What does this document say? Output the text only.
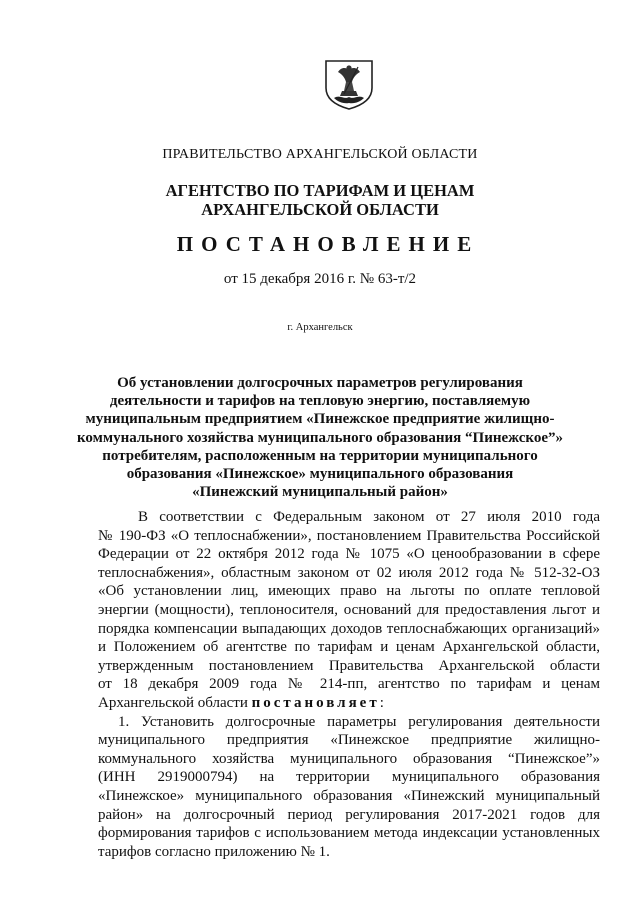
ПРАВИТЕЛЬСТВО АРХАНГЕЛЬСКОЙ ОБЛАСТИ
АГЕНТСТВО ПО ТАРИФАМ И ЦЕНАМ
АРХАНГЕЛЬСКОЙ ОБЛАСТИ
ПОСТАНОВЛЕНИЕ
от 15 декабря 2016 г. № 63-т/2
г. Архангельск
Об установлении долгосрочных параметров регулирования
деятельности и тарифов на тепловую энергию, поставляемую
муниципальным предприятием «Пинежское предприятие жилищно-
коммунального хозяйства муниципального образования “Пинежское”»
потребителям, расположенным на территории муниципального
образования «Пинежское» муниципального образования
«Пинежский муниципальный район»

В соответствии с Федеральным законом от 27 июля 2010 года
№ 190-ФЗ «О теплоснабжении», постановлением Правительства Российской
Федерации от 22 октября 2012 года № 1075 «О ценообразовании в сфере
теплоснабжения», областным законом от 02 июля 2012 года № 512-32-ОЗ
«Об установлении лиц, имеющих право на льготы по оплате тепловой
энергии (мощности), теплоносителя, оснований для предоставления льгот и
порядка компенсации выпадающих доходов теплоснабжающих организаций»
и Положением об агентстве по тарифам и ценам Архангельской области,
утвержденным постановлением Правительства Архангельской области
от 18 декабря 2009 года № 214-пп, агентство по тарифам и ценам
Архангельской области постановляет:

1. Установить долгосрочные параметры регулирования деятельности
муниципального предприятия «Пинежское предприятие жилищно-
коммунального хозяйства муниципального образования “Пинежское”»
(ИНН 2919000794) на территории муниципального образования
«Пинежское» муниципального образования «Пинежский муниципальный
район» на долгосрочный период регулирования 2017-2021 годов для
формирования тарифов с использованием метода индексации установленных
тарифов согласно приложению № 1.
